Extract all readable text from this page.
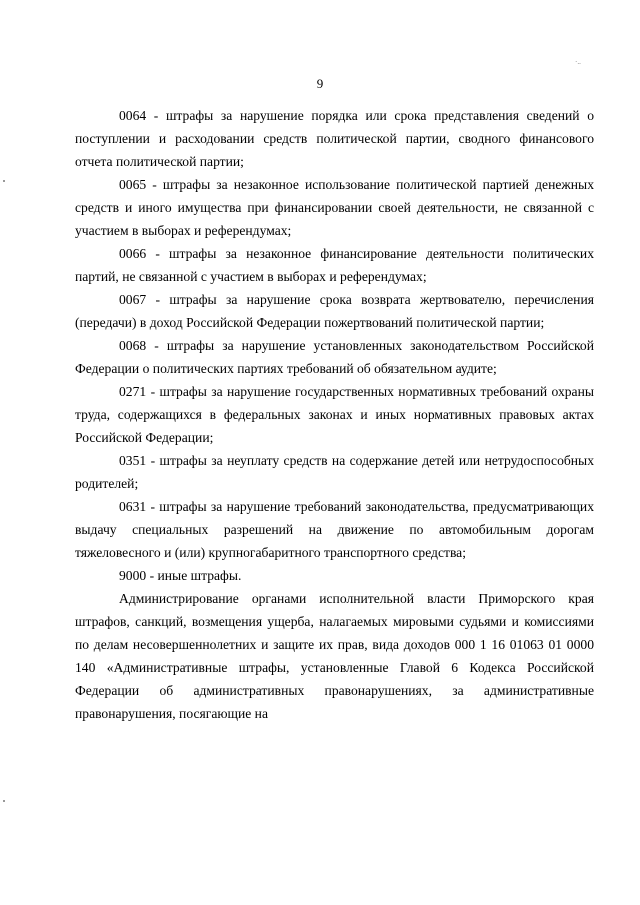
·..
9

0064 - штрафы за нарушение порядка или срока представления сведений о поступлении и расходовании средств политической партии, сводного финансового отчета политической партии;

0065 - штрафы за незаконное использование политической партией денежных средств и иного имущества при финансировании своей деятельности, не связанной с участием в выборах и референдумах;

0066 - штрафы за незаконное финансирование деятельности политических партий, не связанной с участием в выборах и референдумах;

0067 - штрафы за нарушение срока возврата жертвователю, перечисления (передачи) в доход Российской Федерации пожертвований политической партии;

0068 - штрафы за нарушение установленных законодательством Российской Федерации о политических партиях требований об обязательном аудите;

0271 - штрафы за нарушение государственных нормативных требований охраны труда, содержащихся в федеральных законах и иных нормативных правовых актах Российской Федерации;

0351 - штрафы за неуплату средств на содержание детей или нетрудоспособных родителей;

0631 - штрафы за нарушение требований законодательства, предусматривающих выдачу специальных разрешений на движение по автомобильным дорогам тяжеловесного и (или) крупногабаритного транспортного средства;

9000 - иные штрафы.

Администрирование органами исполнительной власти Приморского края штрафов, санкций, возмещения ущерба, налагаемых мировыми судьями и комиссиями по делам несовершеннолетних и защите их прав, вида доходов 000 1 16 01063 01 0000 140 «Административные штрафы, установленные Главой 6 Кодекса Российской Федерации об административных правонарушениях, за административные правонарушения, посягающие на
